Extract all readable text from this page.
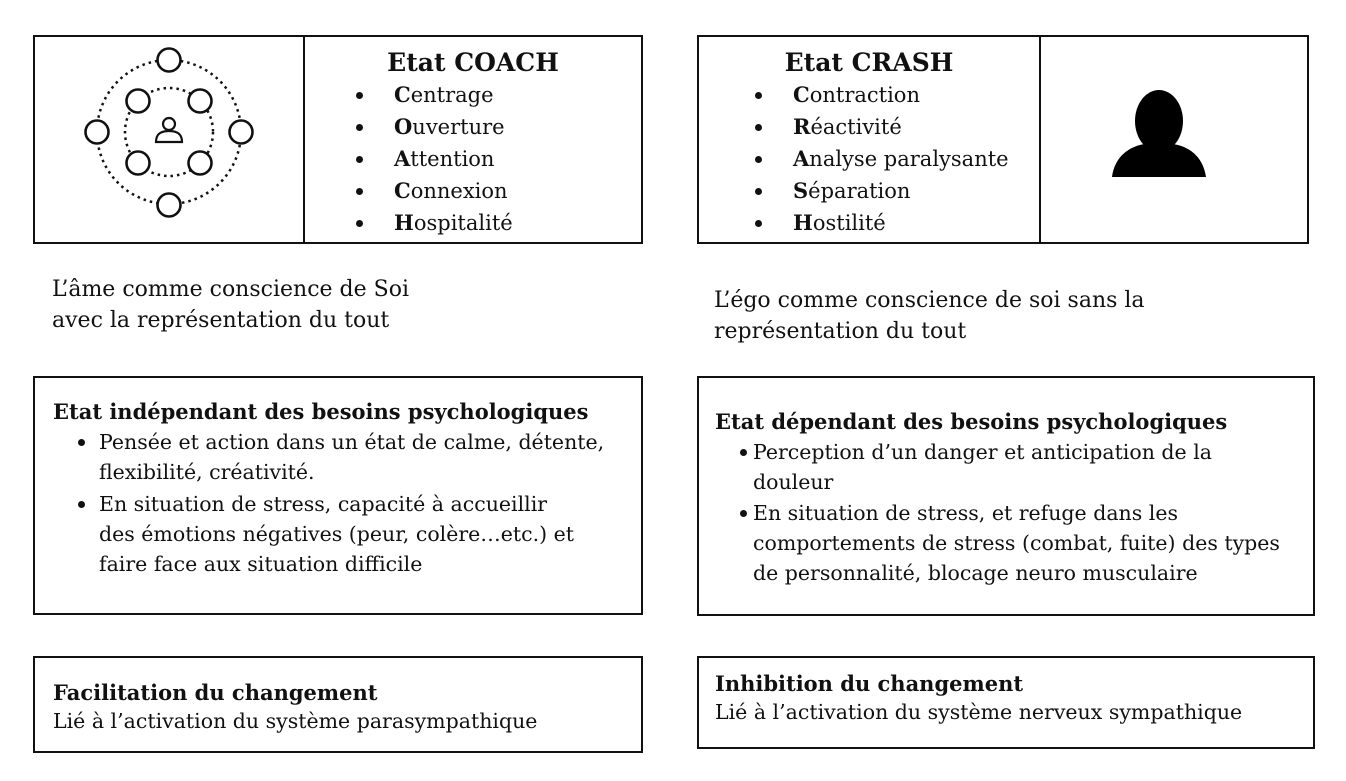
Etat COACH

Centrage
Ouverture
Attention
Connexion
Hospitalité

Etat CRASH

Contraction
Réactivité
Analyse paralysante
Séparation
Hostilité
L’âme comme conscience de Soi
avec la représentation du tout
L’égo comme conscience de soi sans la
représentation du tout
Etat indépendant des besoins psychologiques
Pensée et action dans un état de calme, détente,
flexibilité, créativité.
En situation de stress, capacité à accueillir
des émotions négatives (peur, colère…etc.) et
faire face aux situation difficile
Etat dépendant des besoins psychologiques
Perception d’un danger et anticipation de la
douleur
En situation de stress, et refuge dans les
comportements de stress (combat, fuite) des types
de personnalité, blocage neuro musculaire
Facilitation du changement
Lié à l’activation du système parasympathique
Inhibition du changement
Lié à l’activation du système nerveux sympathique
